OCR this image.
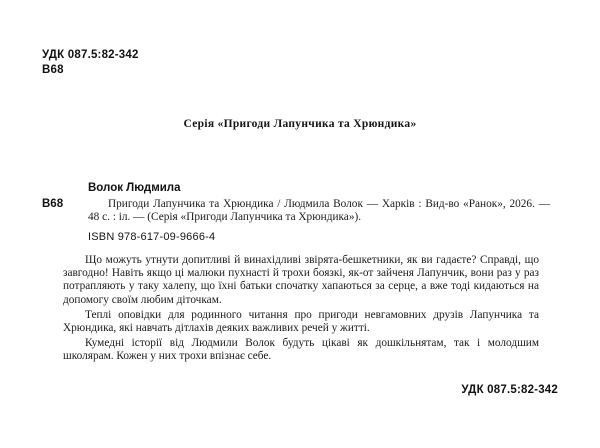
УДК 087.5:82-342
В68
Серія «Пригоди Лапунчика та Хрюндика»
В68
Волок Людмила
Пригоди Лапунчика та Хрюндика / Людмила Волок — Харків : Вид-во «Ранок», 2026. — 48 с. : іл. — (Серія «Пригоди Лапунчика та Хрюндика»).
ISBN 978-617-09-9666-4

Що можуть утнути допитливі й винахідливі звірята-бешкетники, як ви гадаєте? Справді, що завгодно! Навіть якщо ці малюки пухнасті й трохи боязкі, як-от зайченя Лапунчик, вони раз у раз потрапляють у таку халепу, що їхні батьки спочатку хапаються за серце, а вже тоді кидаються на допомогу своїм любим діточкам.

Теплі оповідки для родинного читання про пригоди невгамовних друзів Лапунчика та Хрюндика, які навчать дітлахів деяких важливих речей у житті.

Кумедні історії від Людмили Волок будуть цікаві як дошкільнятам, так і молодшим школярам. Кожен у них трохи впізнає себе.

УДК 087.5:82-342
